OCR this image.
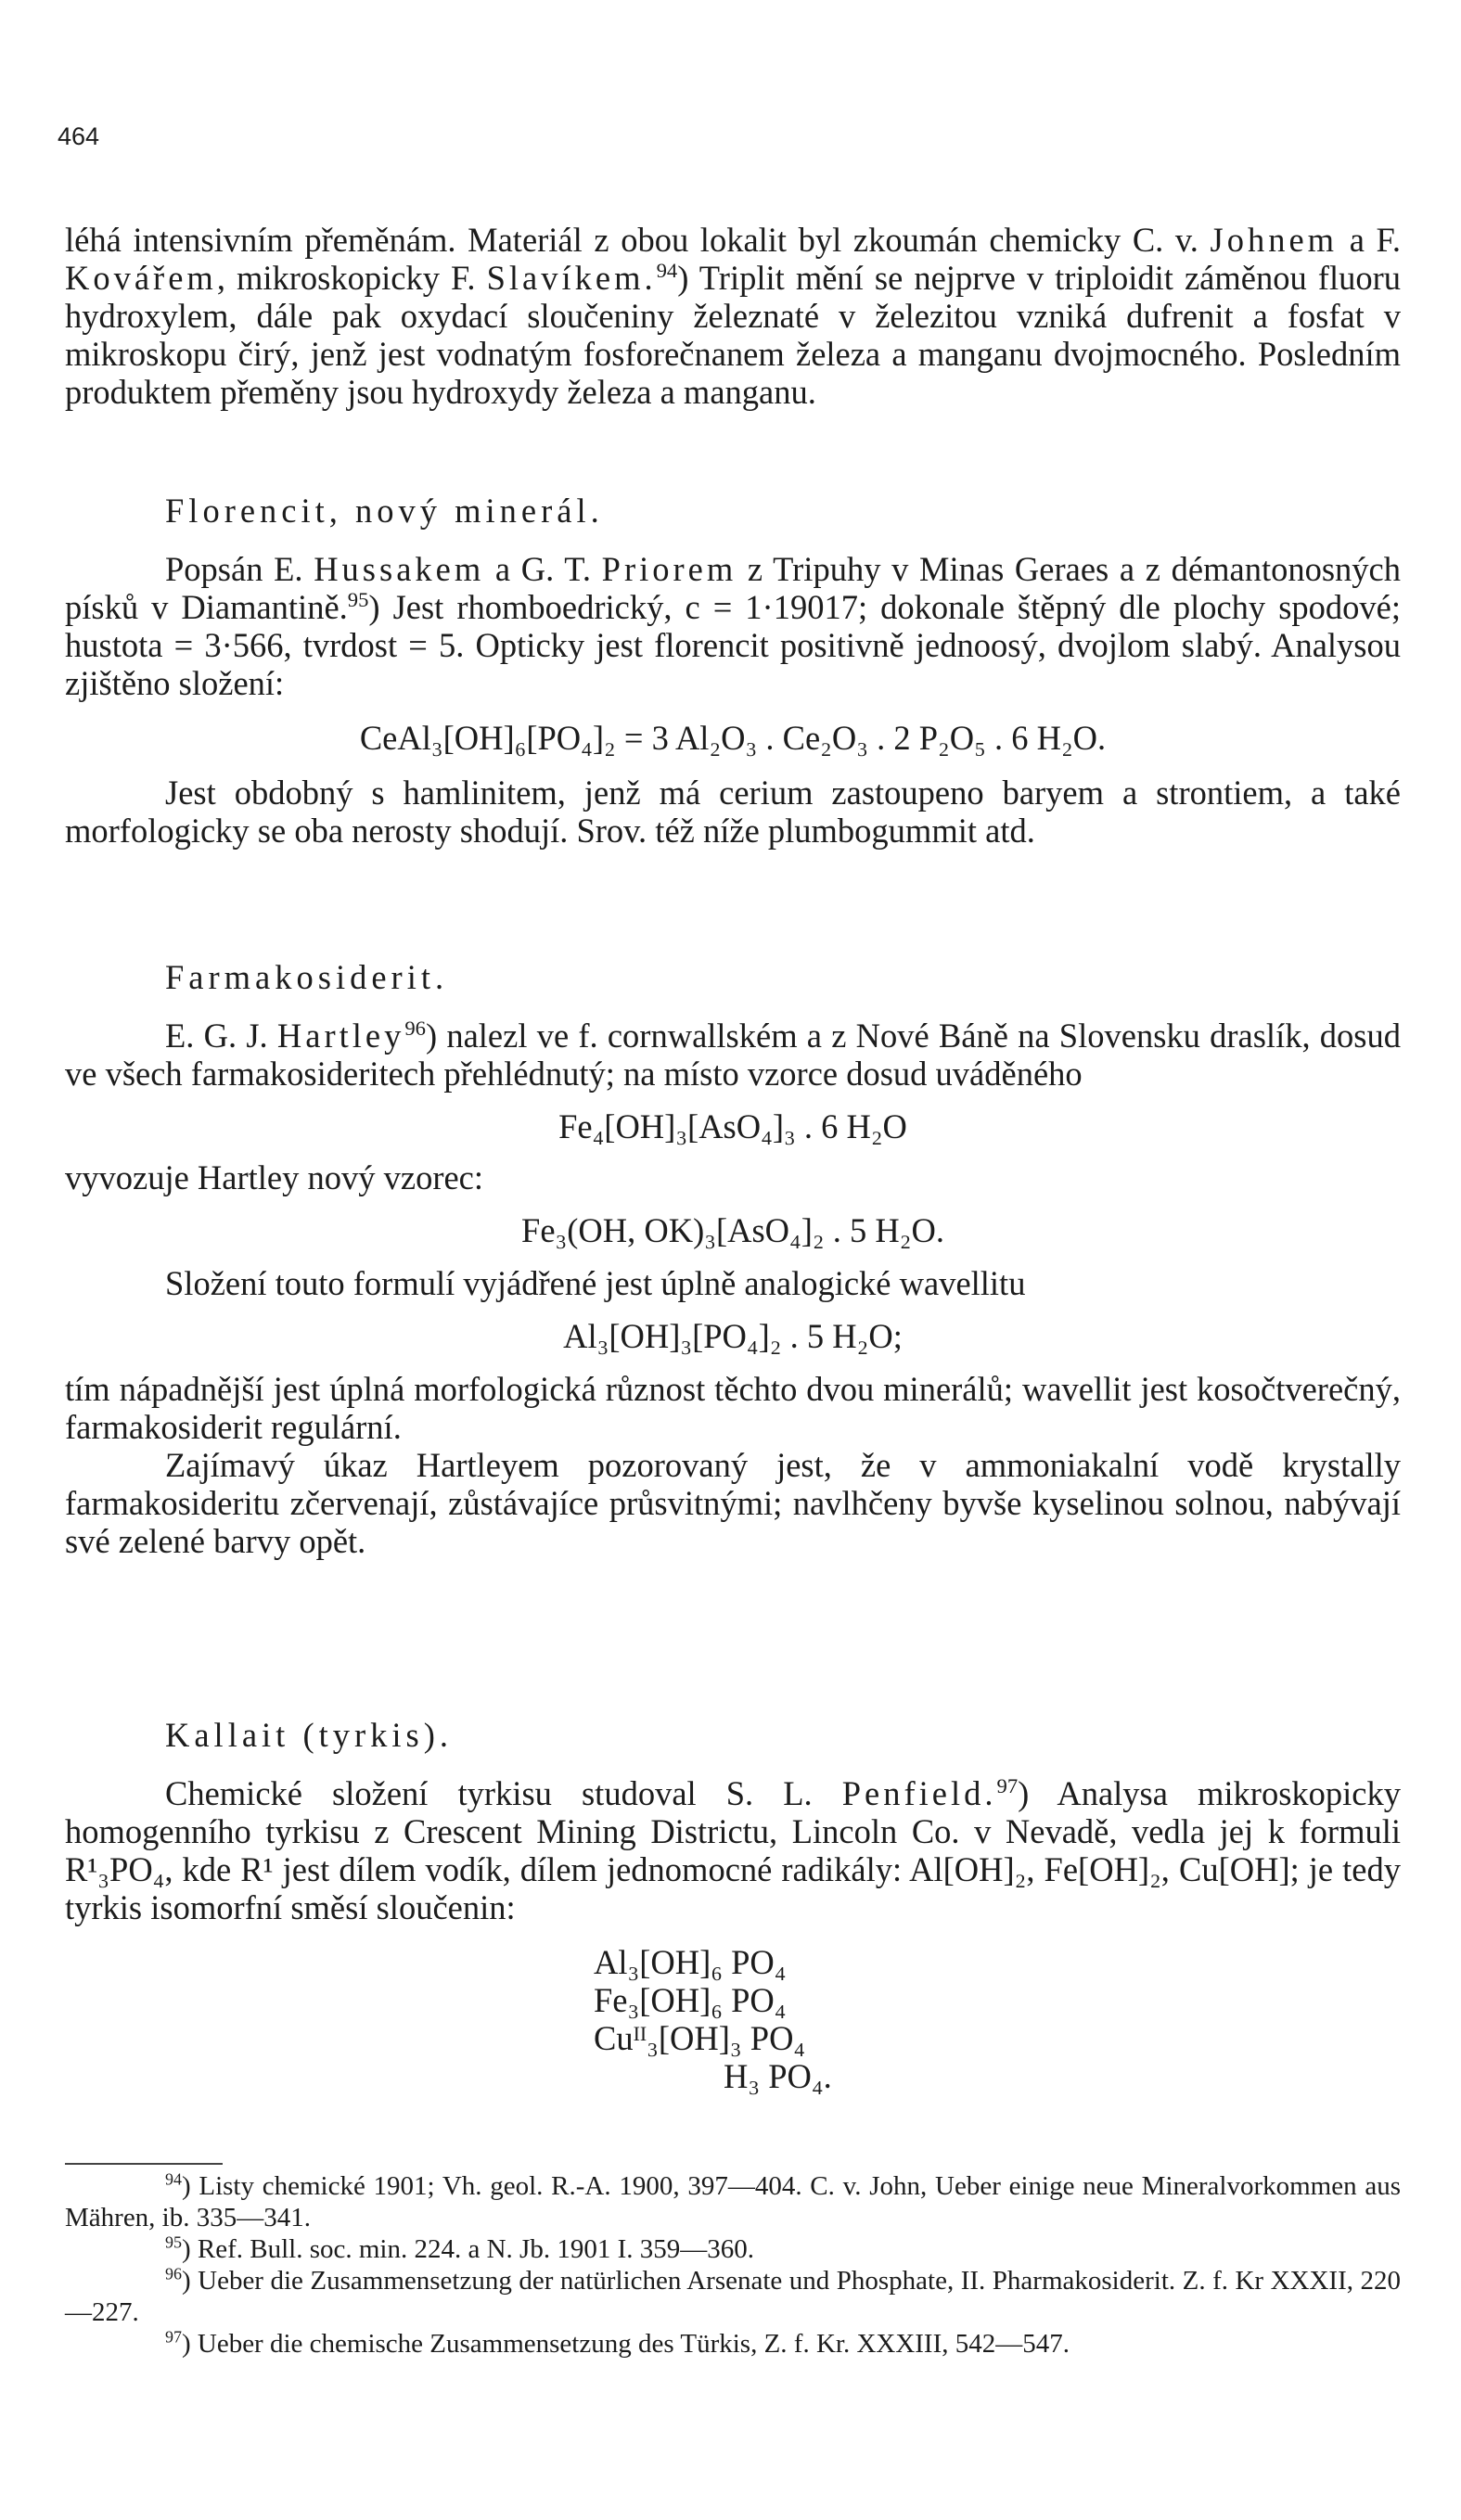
464

léhá intensivním přeměnám. Materiál z obou lokalit byl zkoumán chemicky C. v. Johnem a F. Kovářem, mikroskopicky F. Slavíkem.$^{94}$) Triplit mění se nejprve v triploidit záměnou fluoru hydroxylem, dále pak oxydací sloučeniny železnaté v železitou vzniká dufrenit a fosfat v mikroskopu čirý, jenž jest vodnatým fosforečnanem železa a manganu dvojmocného. Posledním produktem přeměny jsou hydroxydy železa a manganu.

Florencit, nový minerál.

Popsán E. Hussakem a G. T. Priorem z Tripuhy v Minas Geraes a z démantonosných písků v Diamantině.$^{95}$) Jest rhomboedrický, c = 1·19017; dokonale štěpný dle plochy spodové; hustota = 3·566, tvrdost = 5. Opticky jest florencit positivně jednoosý, dvojlom slabý. Analysou zjištěno složení:

CeAl₃[OH]₆[PO₄]₂ = 3 Al₂O₃ . Ce₂O₃ . 2 P₂O₅ . 6 H₂O.

Jest obdobný s hamlinitem, jenž má cerium zastoupeno baryem a strontiem, a také morfologicky se oba nerosty shodují. Srov. též níže plumbogummit atd.

Farmakosiderit.

E. G. J. Hartley$^{96}$) nalezl ve f. cornwallském a z Nové Báně na Slovensku draslík, dosud ve všech farmakosideritech přehlédnutý; na místo vzorce dosud uváděného

Fe₄[OH]₃[AsO₄]₃ . 6 H₂O

vyvozuje Hartley nový vzorec:

Fe₃(OH, OK)₃[AsO₄]₂ . 5 H₂O.

Složení touto formulí vyjádřené jest úplně analogické wavellitu

Al₃[OH]₃[PO₄]₂ . 5 H₂O;

tím nápadnější jest úplná morfologická různost těchto dvou minerálů; wavellit jest kosočtverečný, farmakosiderit regulární.

Zajímavý úkaz Hartleyem pozorovaný jest, že v ammoniakalní vodě krystally farmakosideritu zčervenají, zůstávajíce průsvitnými; navlhčeny byvše kyselinou solnou, nabývají své zelené barvy opět.

Kallait (tyrkis).

Chemické složení tyrkisu studoval S. L. Penfield.$^{97}$) Analysa mikroskopicky homogenního tyrkisu z Crescent Mining Districtu, Lincoln Co. v Nevadě, vedla jej k formuli R¹₃PO₄, kde R¹ jest dílem vodík, dílem jednomocné radikály: Al[OH]₂, Fe[OH]₂, Cu[OH]; je tedy tyrkis isomorfní směsí sloučenin:

Al₃[OH]₆ PO₄
Fe₃[OH]₆ PO₄
Cuᴵᴵ₃[OH]₃ PO₄
H₃ PO₄.

$^{94}$) Listy chemické 1901; Vh. geol. R.-A. 1900, 397—404. C. v. John, Ueber einige neue Mineralvorkommen aus Mähren, ib. 335—341.

$^{95}$) Ref. Bull. soc. min. 224. a N. Jb. 1901 I. 359—360.

$^{96}$) Ueber die Zusammensetzung der natürlichen Arsenate und Phosphate, II. Pharmakosiderit. Z. f. Kr XXXII, 220—227.

$^{97}$) Ueber die chemische Zusammensetzung des Türkis, Z. f. Kr. XXXIII, 542—547.
